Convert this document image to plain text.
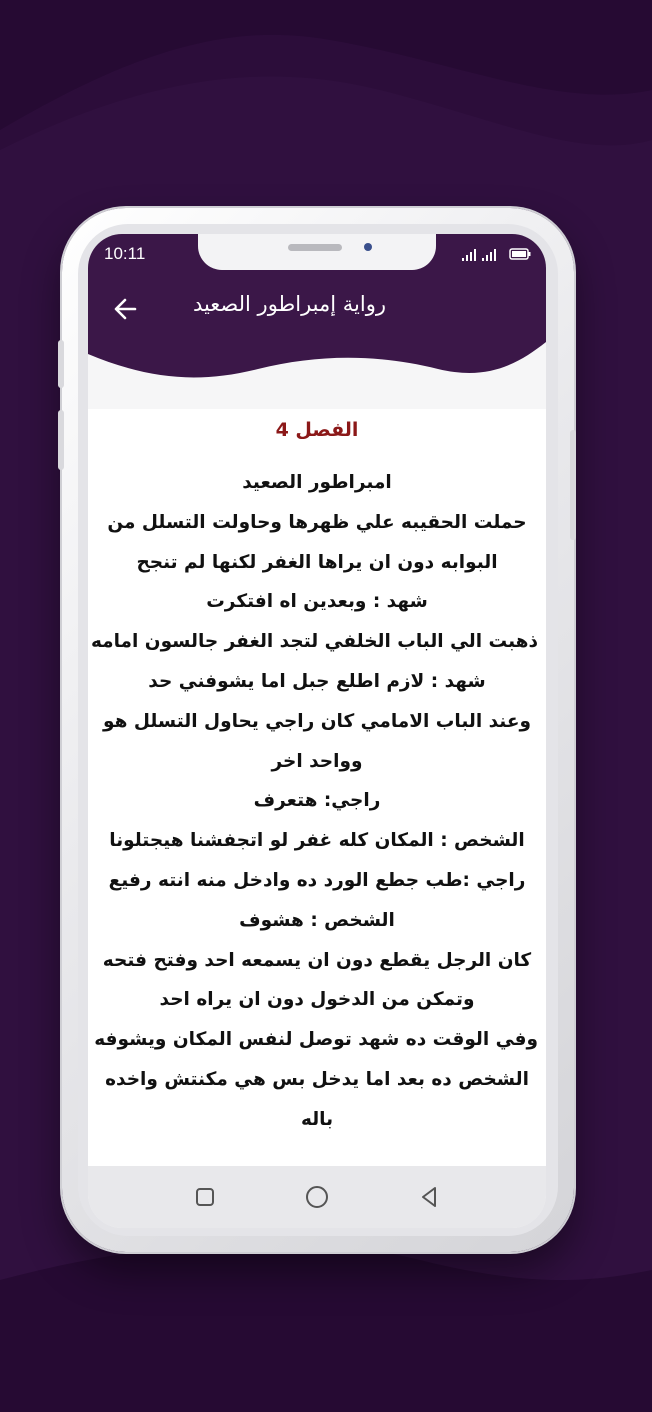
10:11
رواية إمبراطور الصعيد
الفصل 4
امبراطور الصعيد
حملت الحقيبه علي ظهرها وحاولت التسلل من
البوابه دون ان يراها الغفر لكنها لم تنجح
شهد : وبعدين اه افتكرت
ذهبت الي الباب الخلفي لتجد الغفر جالسون امامه
شهد : لازم اطلع جبل اما يشوفني حد
وعند الباب الامامي كان راجي يحاول التسلل هو
وواحد اخر
راجي: هتعرف
الشخص : المكان كله غفر لو اتجفشنا هيجتلونا
راجي :طب جطع الورد ده وادخل منه انته رفيع
الشخص : هشوف
كان الرجل يقطع دون ان يسمعه احد وفتح فتحه
وتمكن من الدخول دون ان يراه احد
وفي الوقت ده شهد توصل لنفس المكان ويشوفه
الشخص ده بعد اما يدخل بس هي مكنتش واخده
باله
